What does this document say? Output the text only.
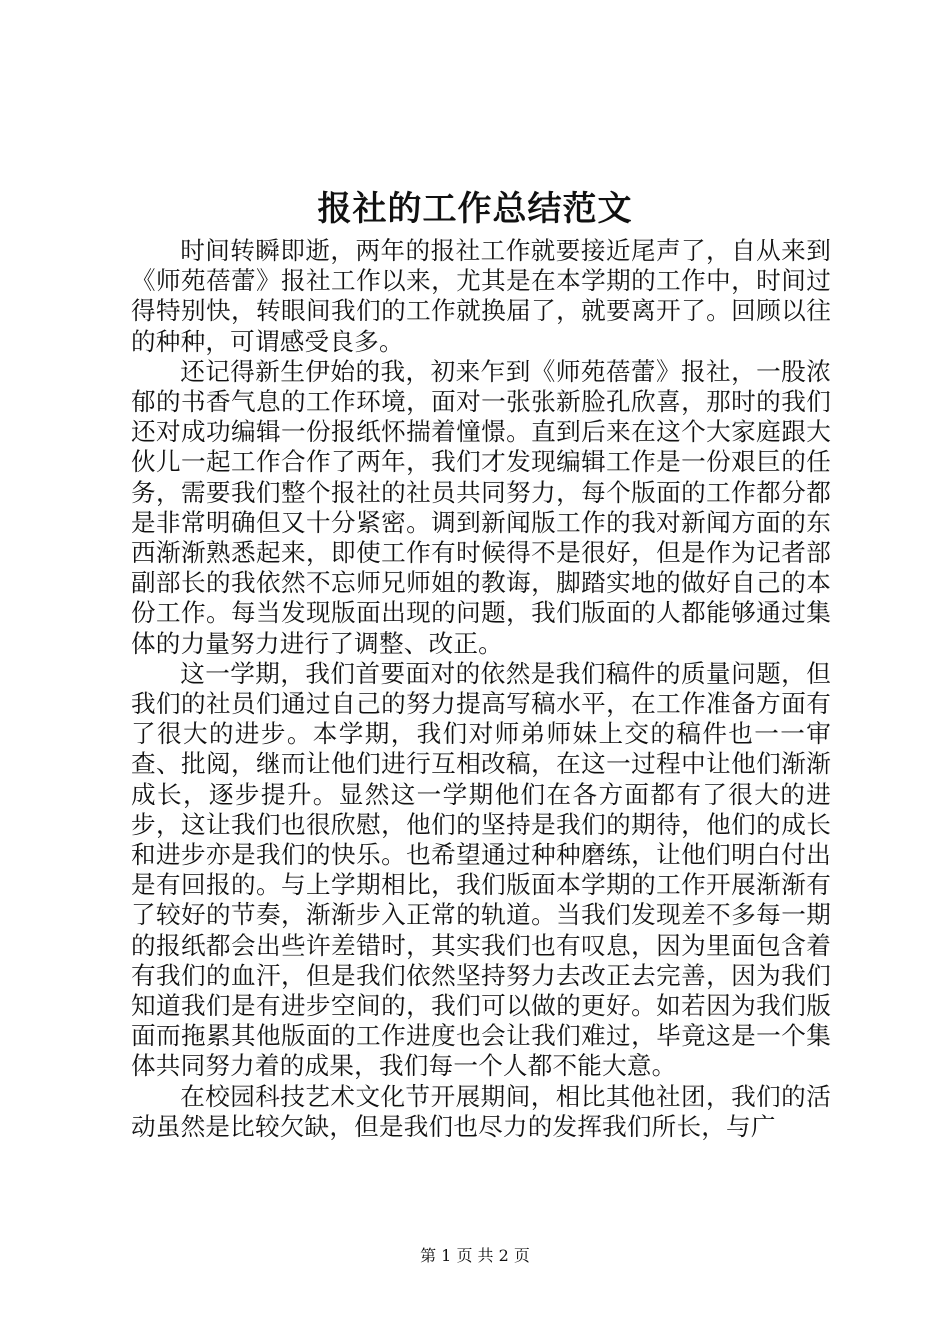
报社的工作总结范文

时间转瞬即逝，两年的报社工作就要接近尾声了，自从来到《师苑蓓蕾》报社工作以来，尤其是在本学期的工作中，时间过得特别快，转眼间我们的工作就换届了，就要离开了。回顾以往的种种，可谓感受良多。

还记得新生伊始的我，初来乍到《师苑蓓蕾》报社，一股浓郁的书香气息的工作环境，面对一张张新脸孔欣喜，那时的我们还对成功编辑一份报纸怀揣着憧憬。直到后来在这个大家庭跟大伙儿一起工作合作了两年，我们才发现编辑工作是一份艰巨的任务，需要我们整个报社的社员共同努力，每个版面的工作都分都是非常明确但又十分紧密。调到新闻版工作的我对新闻方面的东西渐渐熟悉起来，即使工作有时候得不是很好，但是作为记者部副部长的我依然不忘师兄师姐的教诲，脚踏实地的做好自己的本份工作。每当发现版面出现的问题，我们版面的人都能够通过集体的力量努力进行了调整、改正。

这一学期，我们首要面对的依然是我们稿件的质量问题，但我们的社员们通过自己的努力提高写稿水平，在工作准备方面有了很大的进步。本学期，我们对师弟师妹上交的稿件也一一审查、批阅，继而让他们进行互相改稿，在这一过程中让他们渐渐成长，逐步提升。显然这一学期他们在各方面都有了很大的进步，这让我们也很欣慰，他们的坚持是我们的期待，他们的成长和进步亦是我们的快乐。也希望通过种种磨练，让他们明白付出是有回报的。与上学期相比，我们版面本学期的工作开展渐渐有了较好的节奏，渐渐步入正常的轨道。当我们发现差不多每一期的报纸都会出些许差错时，其实我们也有叹息，因为里面包含着有我们的血汗，但是我们依然坚持努力去改正去完善，因为我们知道我们是有进步空间的，我们可以做的更好。如若因为我们版面而拖累其他版面的工作进度也会让我们难过，毕竟这是一个集体共同努力着的成果，我们每一个人都不能大意。

在校园科技艺术文化节开展期间，相比其他社团，我们的活动虽然是比较欠缺，但是我们也尽力的发挥我们所长，与广

第 1 页 共 2 页
